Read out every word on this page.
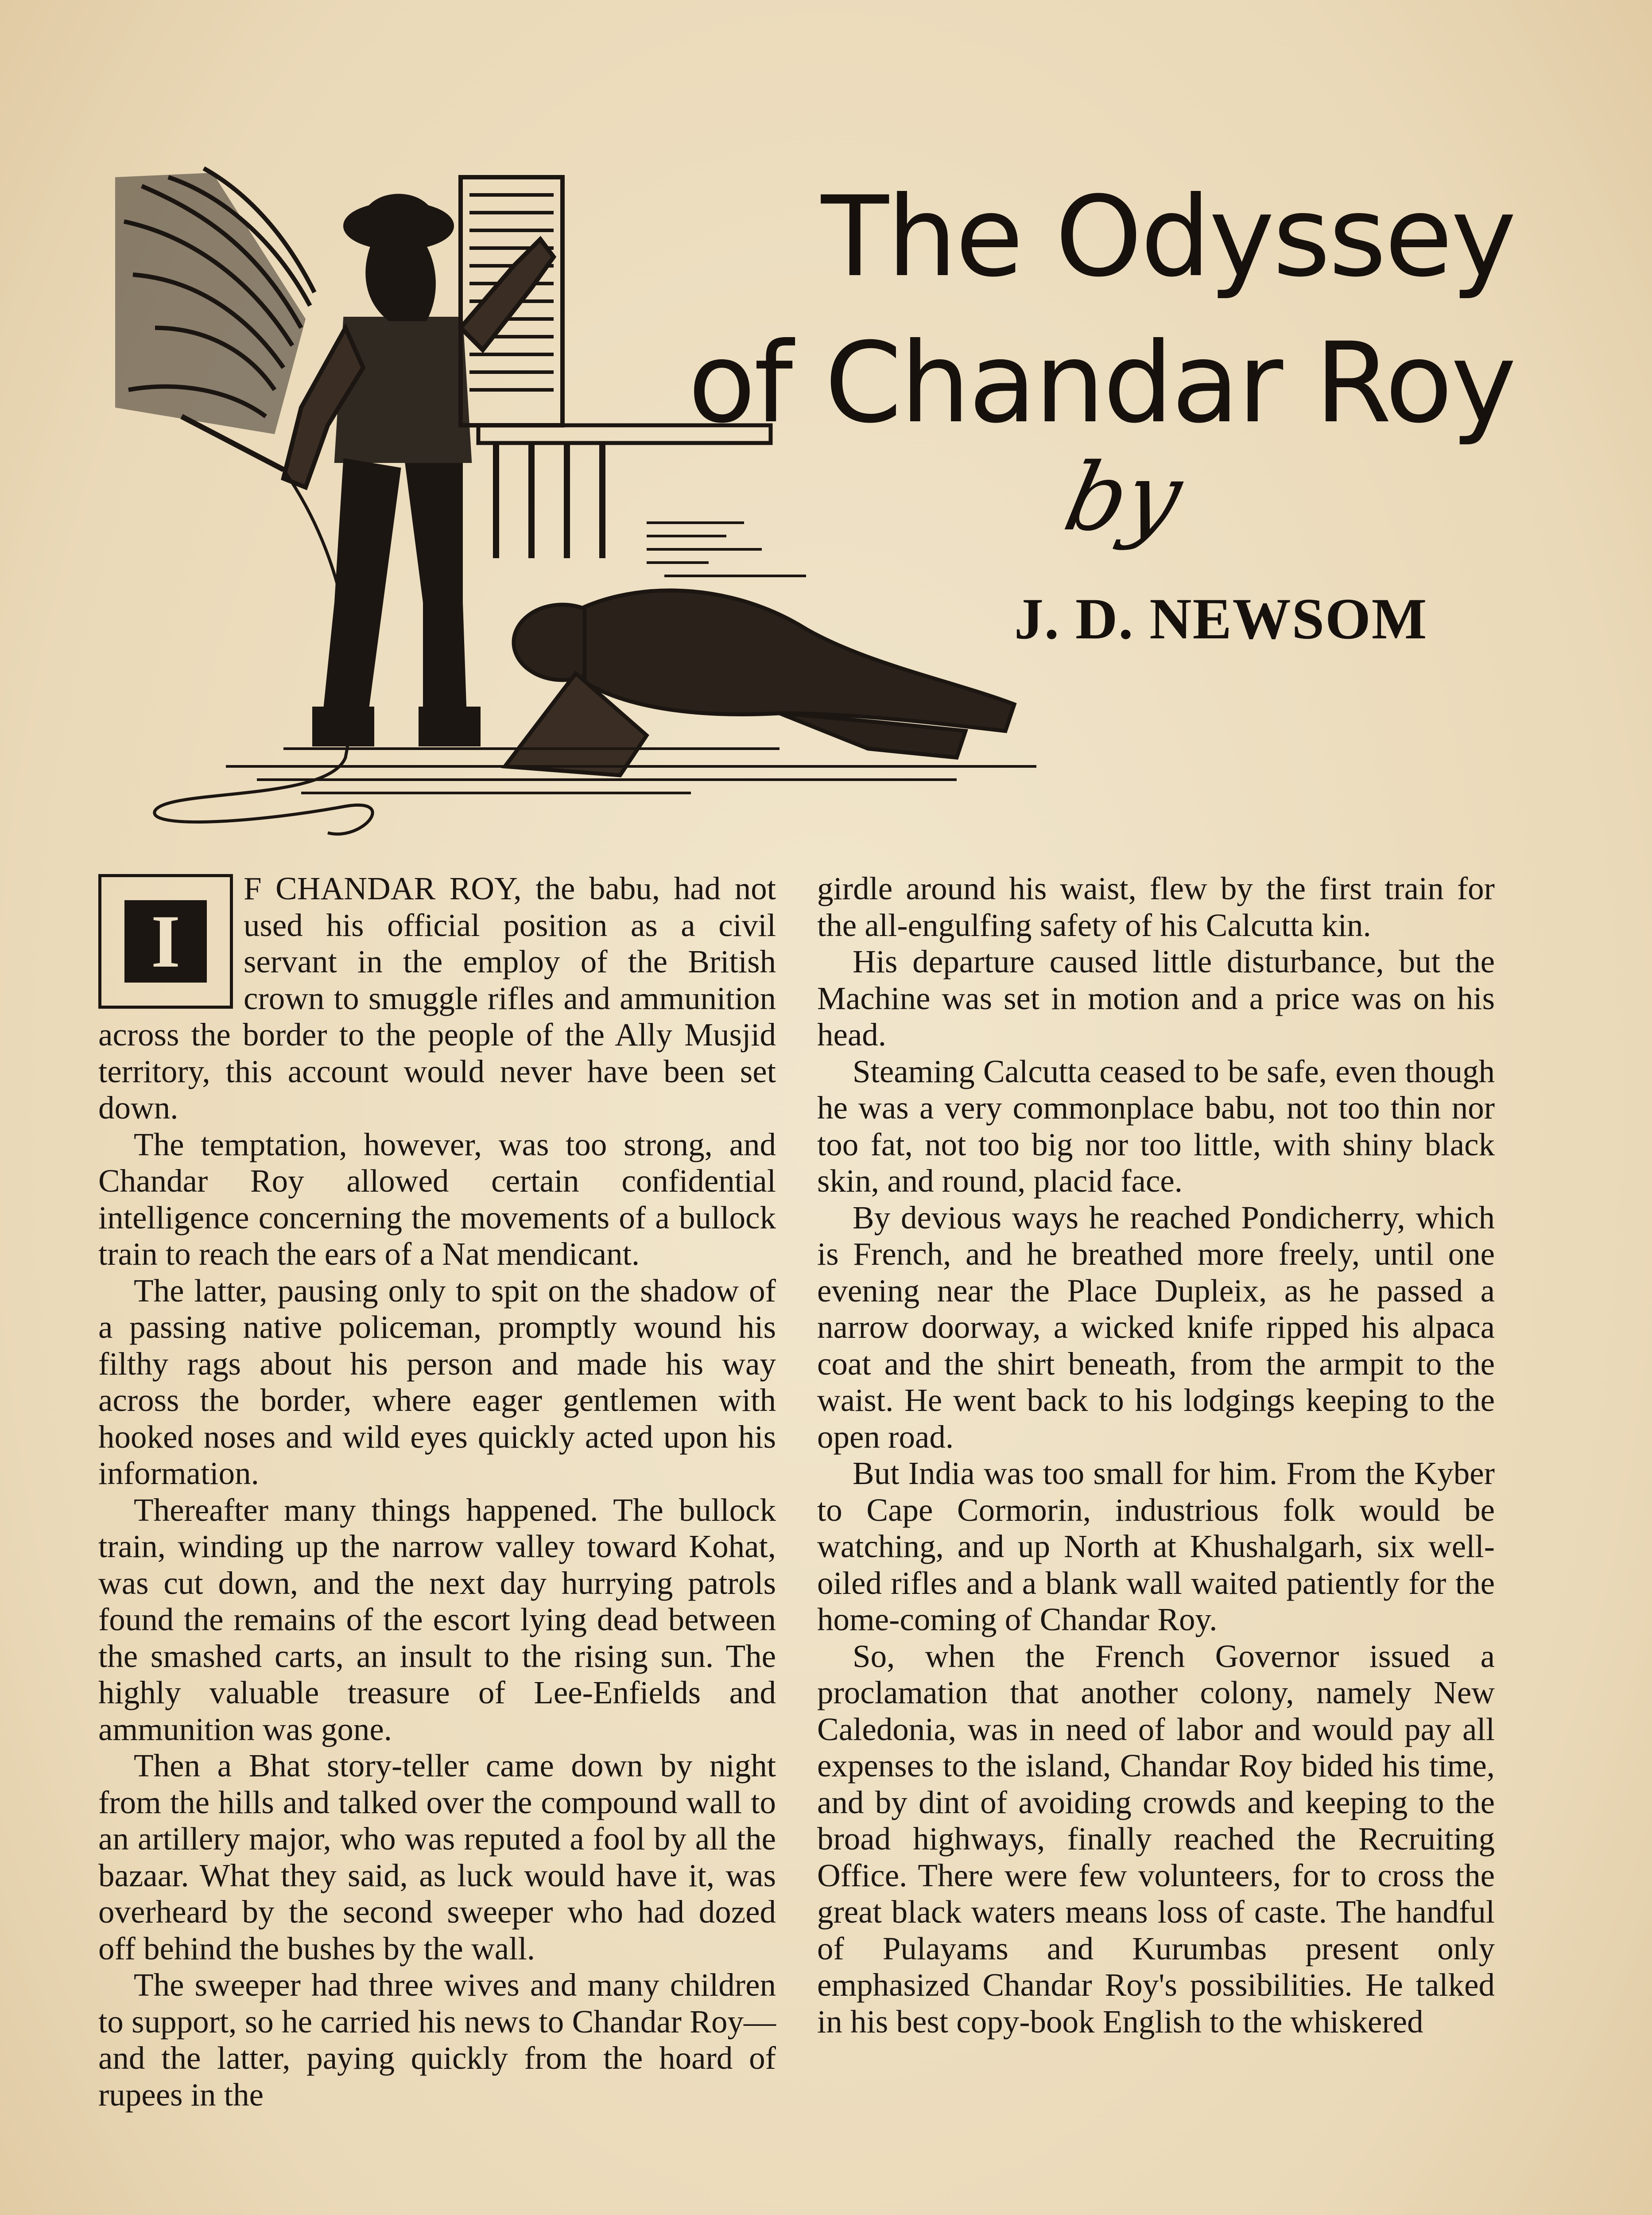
The Odyssey
of Chandar Roy
by
J. D. NEWSOM
I

F CHANDAR ROY, the babu, had not used his official position as a civil servant in the employ of the British crown to smuggle rifles and ammunition across the border to the people of the Ally Musjid territory, this account would never have been set down.

The temptation, however, was too strong, and Chandar Roy allowed certain confidential intelligence concerning the movements of a bullock train to reach the ears of a Nat mendicant.

The latter, pausing only to spit on the shadow of a passing native policeman, promptly wound his filthy rags about his person and made his way across the border, where eager gentlemen with hooked noses and wild eyes quickly acted upon his information.

Thereafter many things happened. The bullock train, winding up the narrow valley toward Kohat, was cut down, and the next day hurrying patrols found the remains of the escort lying dead between the smashed carts, an insult to the rising sun. The highly valuable treasure of Lee-Enfields and ammunition was gone.

Then a Bhat story-teller came down by night from the hills and talked over the compound wall to an artillery major, who was reputed a fool by all the bazaar. What they said, as luck would have it, was overheard by the second sweeper who had dozed off behind the bushes by the wall.

The sweeper had three wives and many children to support, so he carried his news to Chandar Roy—and the latter, paying quickly from the hoard of rupees in the

girdle around his waist, flew by the first train for the all-engulfing safety of his Calcutta kin.

His departure caused little disturbance, but the Machine was set in motion and a price was on his head.

Steaming Calcutta ceased to be safe, even though he was a very commonplace babu, not too thin nor too fat, not too big nor too little, with shiny black skin, and round, placid face.

By devious ways he reached Pondicherry, which is French, and he breathed more freely, until one evening near the Place Dupleix, as he passed a narrow doorway, a wicked knife ripped his alpaca coat and the shirt beneath, from the armpit to the waist. He went back to his lodgings keeping to the open road.

But India was too small for him. From the Kyber to Cape Cormorin, industrious folk would be watching, and up North at Khushalgarh, six well-oiled rifles and a blank wall waited patiently for the home-coming of Chandar Roy.

So, when the French Governor issued a proclamation that another colony, namely New Caledonia, was in need of labor and would pay all expenses to the island, Chandar Roy bided his time, and by dint of avoiding crowds and keeping to the broad highways, finally reached the Recruiting Office. There were few volunteers, for to cross the great black waters means loss of caste. The handful of Pulayams and Kurumbas present only emphasized Chandar Roy's possibilities. He talked in his best copy-book English to the whiskered
